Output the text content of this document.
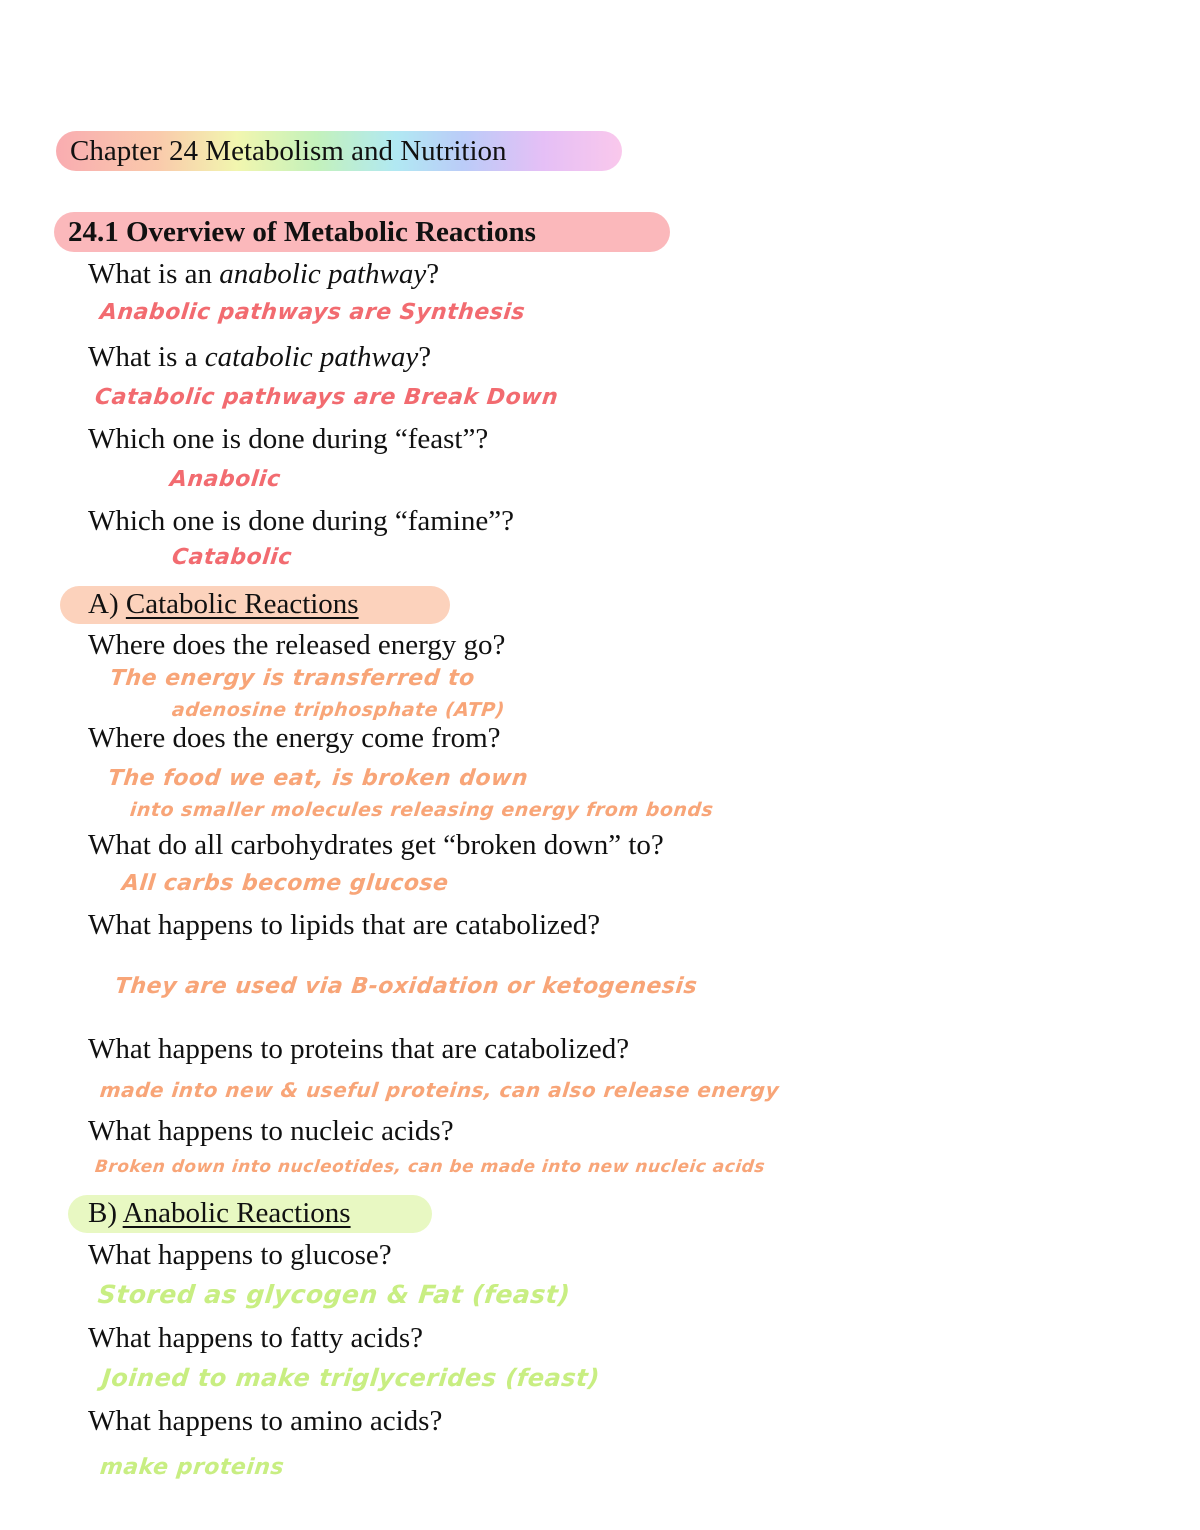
Chapter 24 Metabolism and Nutrition
24.1 Overview of Metabolic Reactions
What is an anabolic pathway?
Anabolic pathways are Synthesis
What is a catabolic pathway?
Catabolic pathways are Break Down
Which one is done during “feast”?
Anabolic
Which one is done during “famine”?
Catabolic
A) Catabolic Reactions
Where does the released energy go?
The energy is transferred to
adenosine triphosphate (ATP)
Where does the energy come from?
The food we eat, is broken down
into smaller molecules releasing energy from bonds
What do all carbohydrates get “broken down” to?
All carbs become glucose
What happens to lipids that are catabolized?
They are used via B-oxidation or ketogenesis
What happens to proteins that are catabolized?
made into new & useful proteins, can also release energy
What happens to nucleic acids?
Broken down into nucleotides, can be made into new nucleic acids
B) Anabolic Reactions
What happens to glucose?
Stored as glycogen & Fat (feast)
What happens to fatty acids?
Joined to make triglycerides (feast)
What happens to amino acids?
make proteins
